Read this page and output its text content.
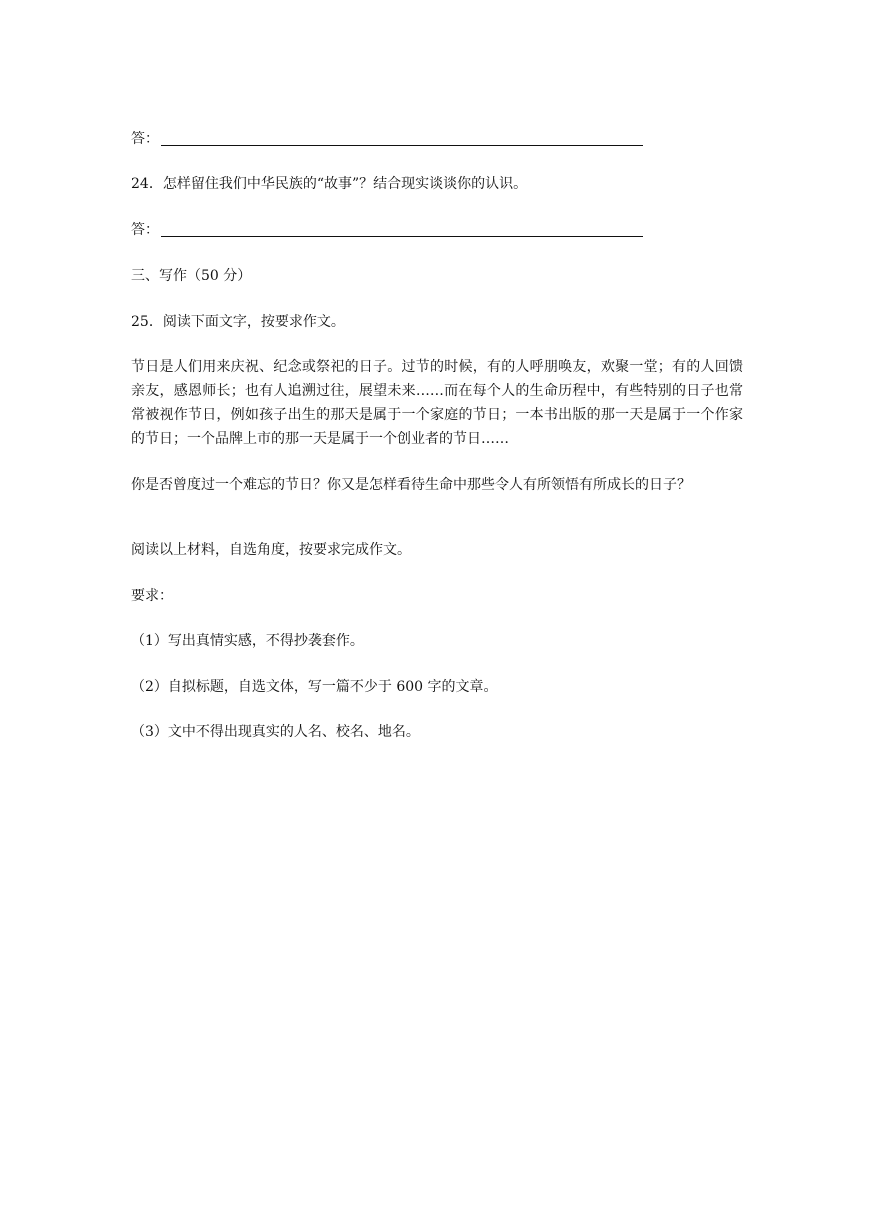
答：
24．怎样留住我们中华民族的“故事”？结合现实谈谈你的认识。
答：
三、写作（50 分）
25．阅读下面文字，按要求作文。
节日是人们用来庆祝、纪念或祭祀的日子。过节的时候，有的人呼朋唤友，欢聚一堂；有的人回馈亲友，感恩师长；也有人追溯过往，展望未来……而在每个人的生命历程中，有些特别的日子也常常被视作节日，例如孩子出生的那天是属于一个家庭的节日；一本书出版的那一天是属于一个作家的节日；一个品牌上市的那一天是属于一个创业者的节日……
你是否曾度过一个难忘的节日？你又是怎样看待生命中那些令人有所领悟有所成长的日子？
阅读以上材料，自选角度，按要求完成作文。
要求：
（1）写出真情实感，不得抄袭套作。
（2）自拟标题，自选文体，写一篇不少于 600 字的文章。
（3）文中不得出现真实的人名、校名、地名。
